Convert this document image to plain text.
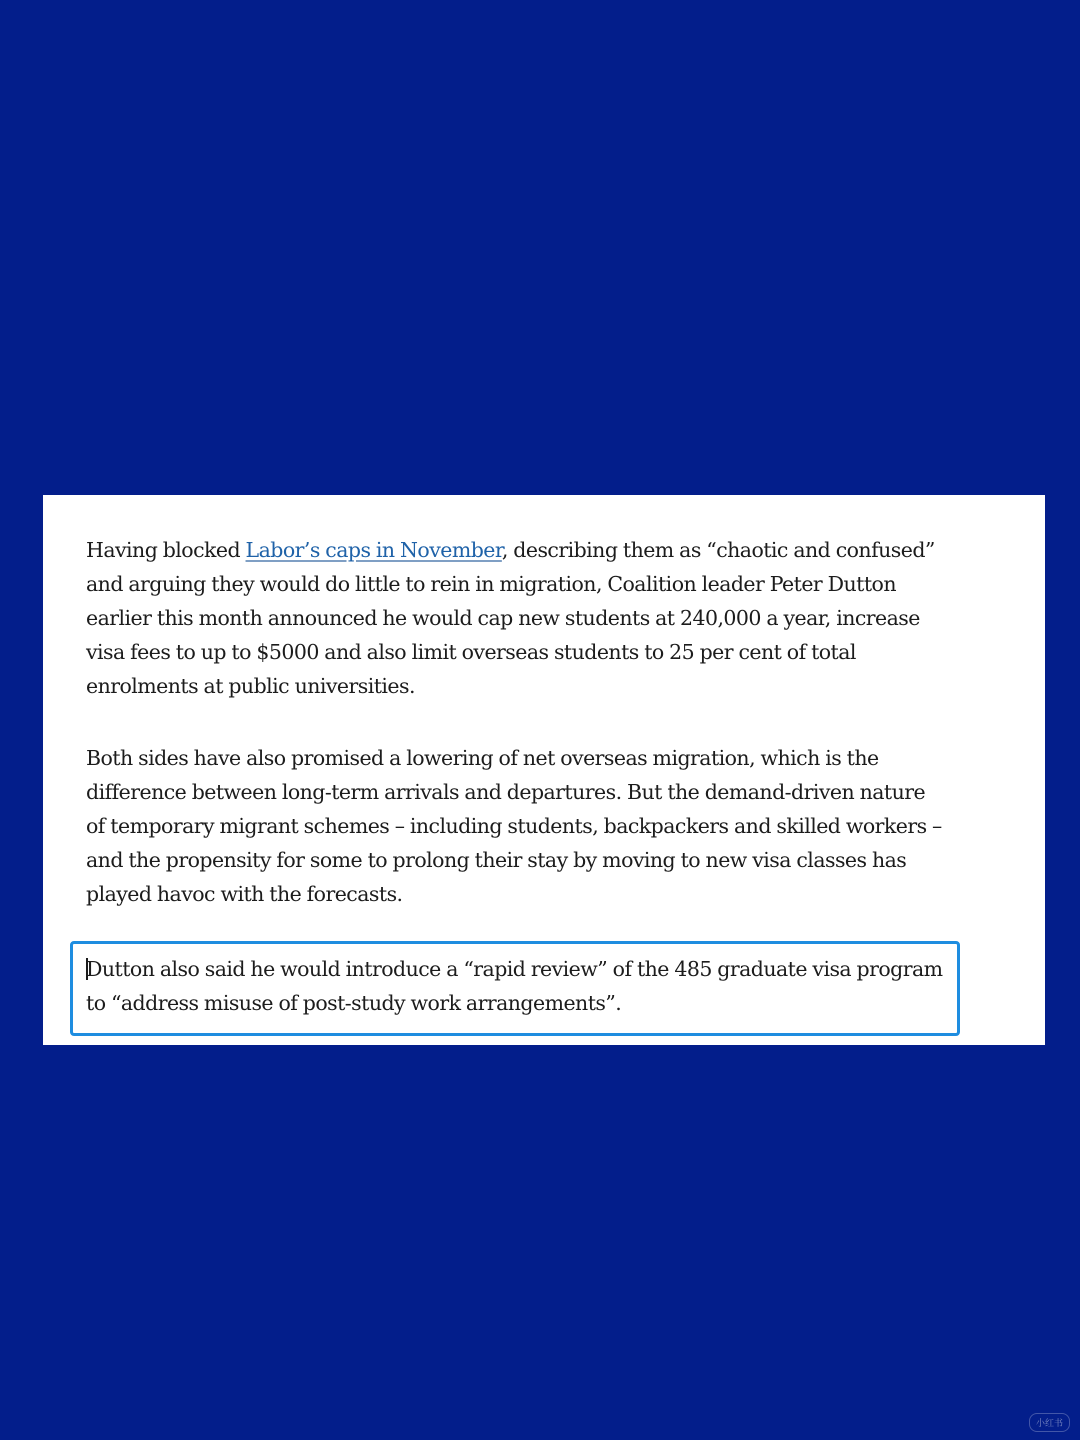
Having blocked Labor’s caps in November, describing them as “chaotic and confused” and arguing they would do little to rein in migration, Coalition leader Peter Dutton earlier this month announced he would cap new students at 240,000 a year, increase visa fees to up to $5000 and also limit overseas students to 25 per cent of total enrolments at public universities.

Both sides have also promised a lowering of net overseas migration, which is the difference between long-term arrivals and departures. But the demand-driven nature of temporary migrant schemes – including students, backpackers and skilled workers – and the propensity for some to prolong their stay by moving to new visa classes has played havoc with the forecasts.

Dutton also said he would introduce a “rapid review” of the 485 graduate visa program to “address misuse of post-study work arrangements”.

小红书
